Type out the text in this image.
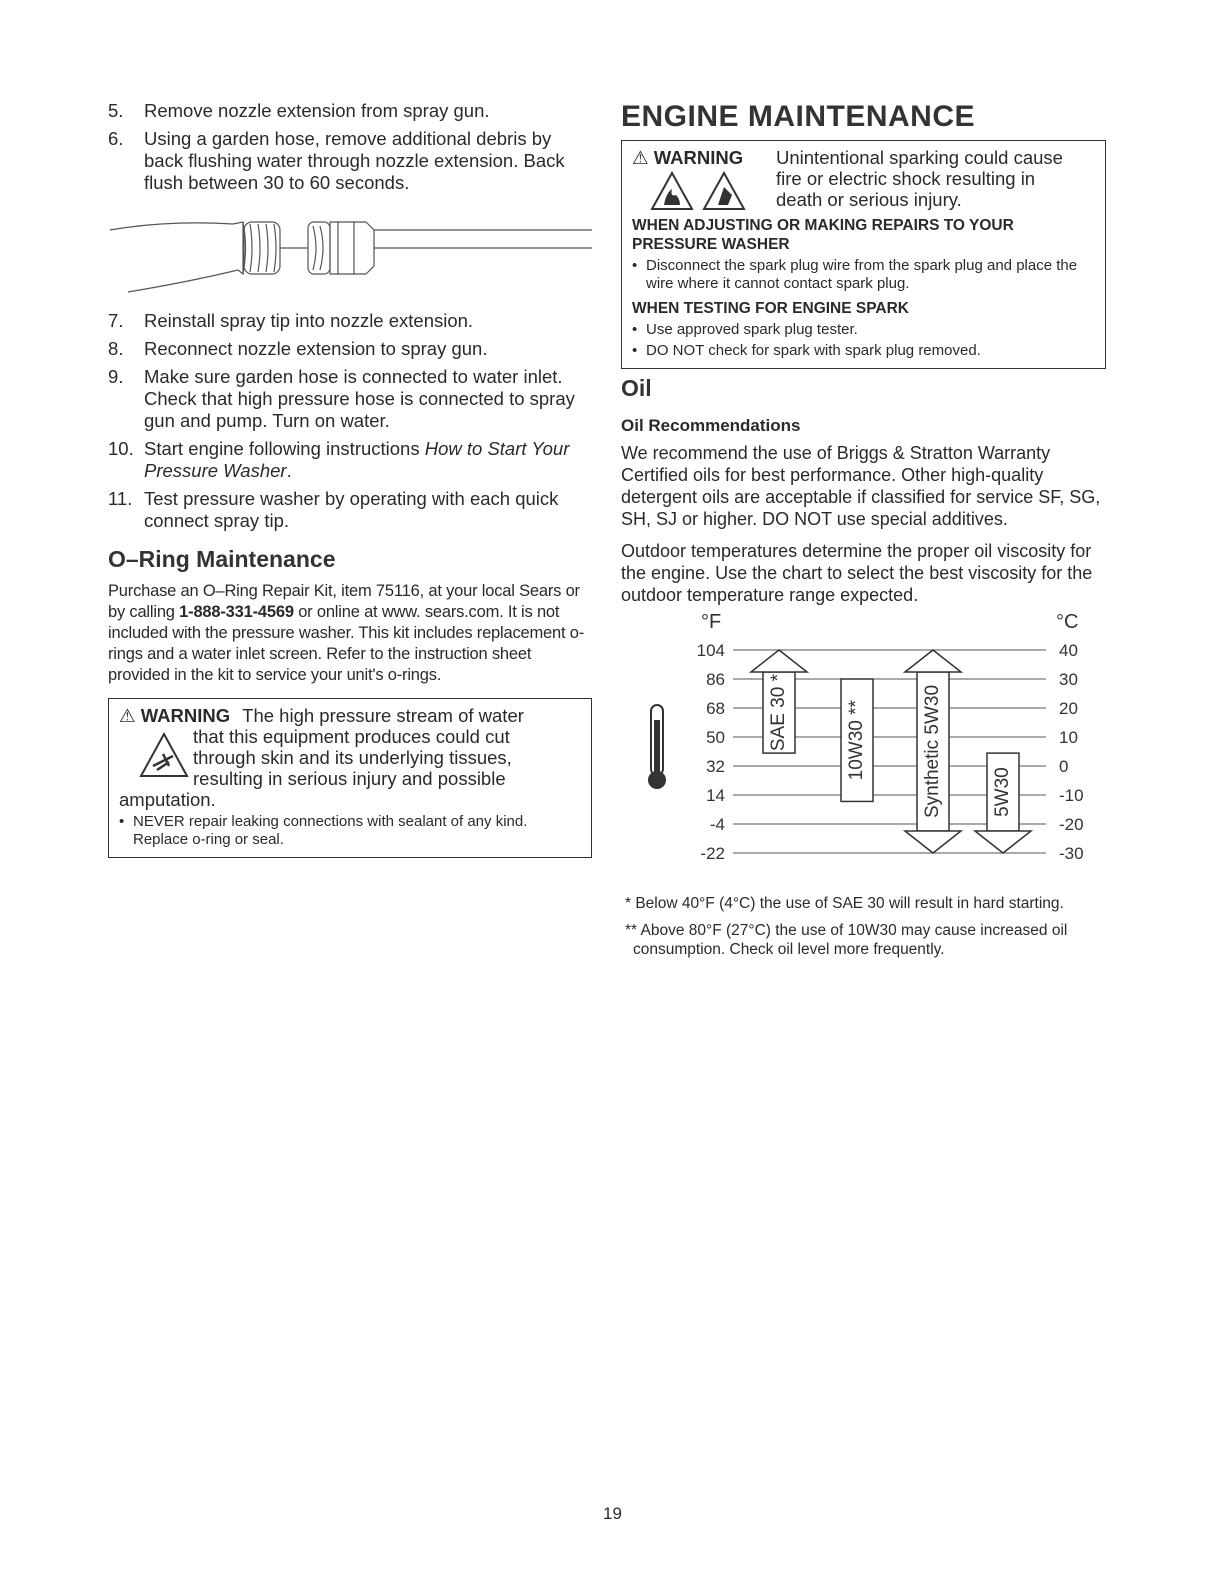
5. Remove nozzle extension from spray gun.
6. Using a garden hose, remove additional debris by back flushing water through nozzle extension. Back flush between 30 to 60 seconds.
7. Reinstall spray tip into nozzle extension.
8. Reconnect nozzle extension to spray gun.
9. Make sure garden hose is connected to water inlet. Check that high pressure hose is connected to spray gun and pump. Turn on water.
10. Start engine following instructions How to Start Your Pressure Washer.
11. Test pressure washer by operating with each quick connect spray tip.
O–Ring Maintenance

Purchase an O–Ring Repair Kit, item 75116, at your local Sears or by calling 1-888-331-4569 or online at www. sears.com. It is not included with the pressure washer. This kit includes replacement o-rings and a water inlet screen. Refer to the instruction sheet provided in the kit to service your unit's o-rings.

⚠ WARNING The high pressure stream of water
that this equipment produces could cut
through skin and its underlying tissues,
resulting in serious injury and possible
amputation.
• NEVER repair leaking connections with sealant of any kind. Replace o-ring or seal.
ENGINE MAINTENANCE
⚠ WARNING Unintentional sparking could cause
fire or electric shock resulting in
death or serious injury.
WHEN ADJUSTING OR MAKING REPAIRS TO YOUR PRESSURE WASHER
• Disconnect the spark plug wire from the spark plug and place the wire where it cannot contact spark plug.
WHEN TESTING FOR ENGINE SPARK
• Use approved spark plug tester.
• DO NOT check for spark with spark plug removed.
Oil
Oil Recommendations

We recommend the use of Briggs & Stratton Warranty Certified oils for best performance. Other high-quality detergent oils are acceptable if classified for service SF, SG, SH, SJ or higher. DO NOT use special additives.

Outdoor temperatures determine the proper oil viscosity for the engine. Use the chart to select the best viscosity for the outdoor temperature range expected.

°F	°C
104
86
68
50
32
14
-4
-22
40
30
20
10
0
-10
-20
-30
SAE 30 *	10W30 **	Synthetic 5W30	5W30

* Below 40°F (4°C) the use of SAE 30 will result in hard starting.

** Above 80°F (27°C) the use of 10W30 may cause increased oil consumption. Check oil level more frequently.

19
